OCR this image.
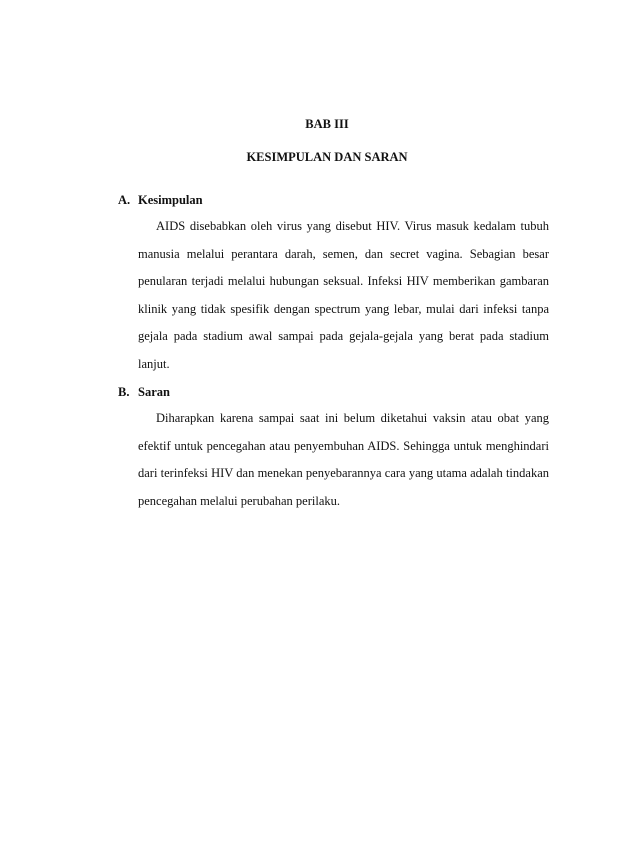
BAB III
KESIMPULAN DAN SARAN
A. Kesimpulan

AIDS disebabkan oleh virus yang disebut HIV. Virus masuk kedalam tubuh manusia melalui perantara darah, semen, dan secret vagina. Sebagian besar penularan terjadi melalui hubungan seksual. Infeksi HIV memberikan gambaran klinik yang tidak spesifik dengan spectrum yang lebar, mulai dari infeksi tanpa gejala pada stadium awal sampai pada gejala-gejala yang berat pada stadium lanjut.

B. Saran

Diharapkan karena sampai saat ini belum diketahui vaksin atau obat yang efektif untuk pencegahan atau penyembuhan AIDS. Sehingga untuk menghindari dari terinfeksi HIV dan menekan penyebarannya cara yang utama adalah tindakan pencegahan melalui perubahan perilaku.
